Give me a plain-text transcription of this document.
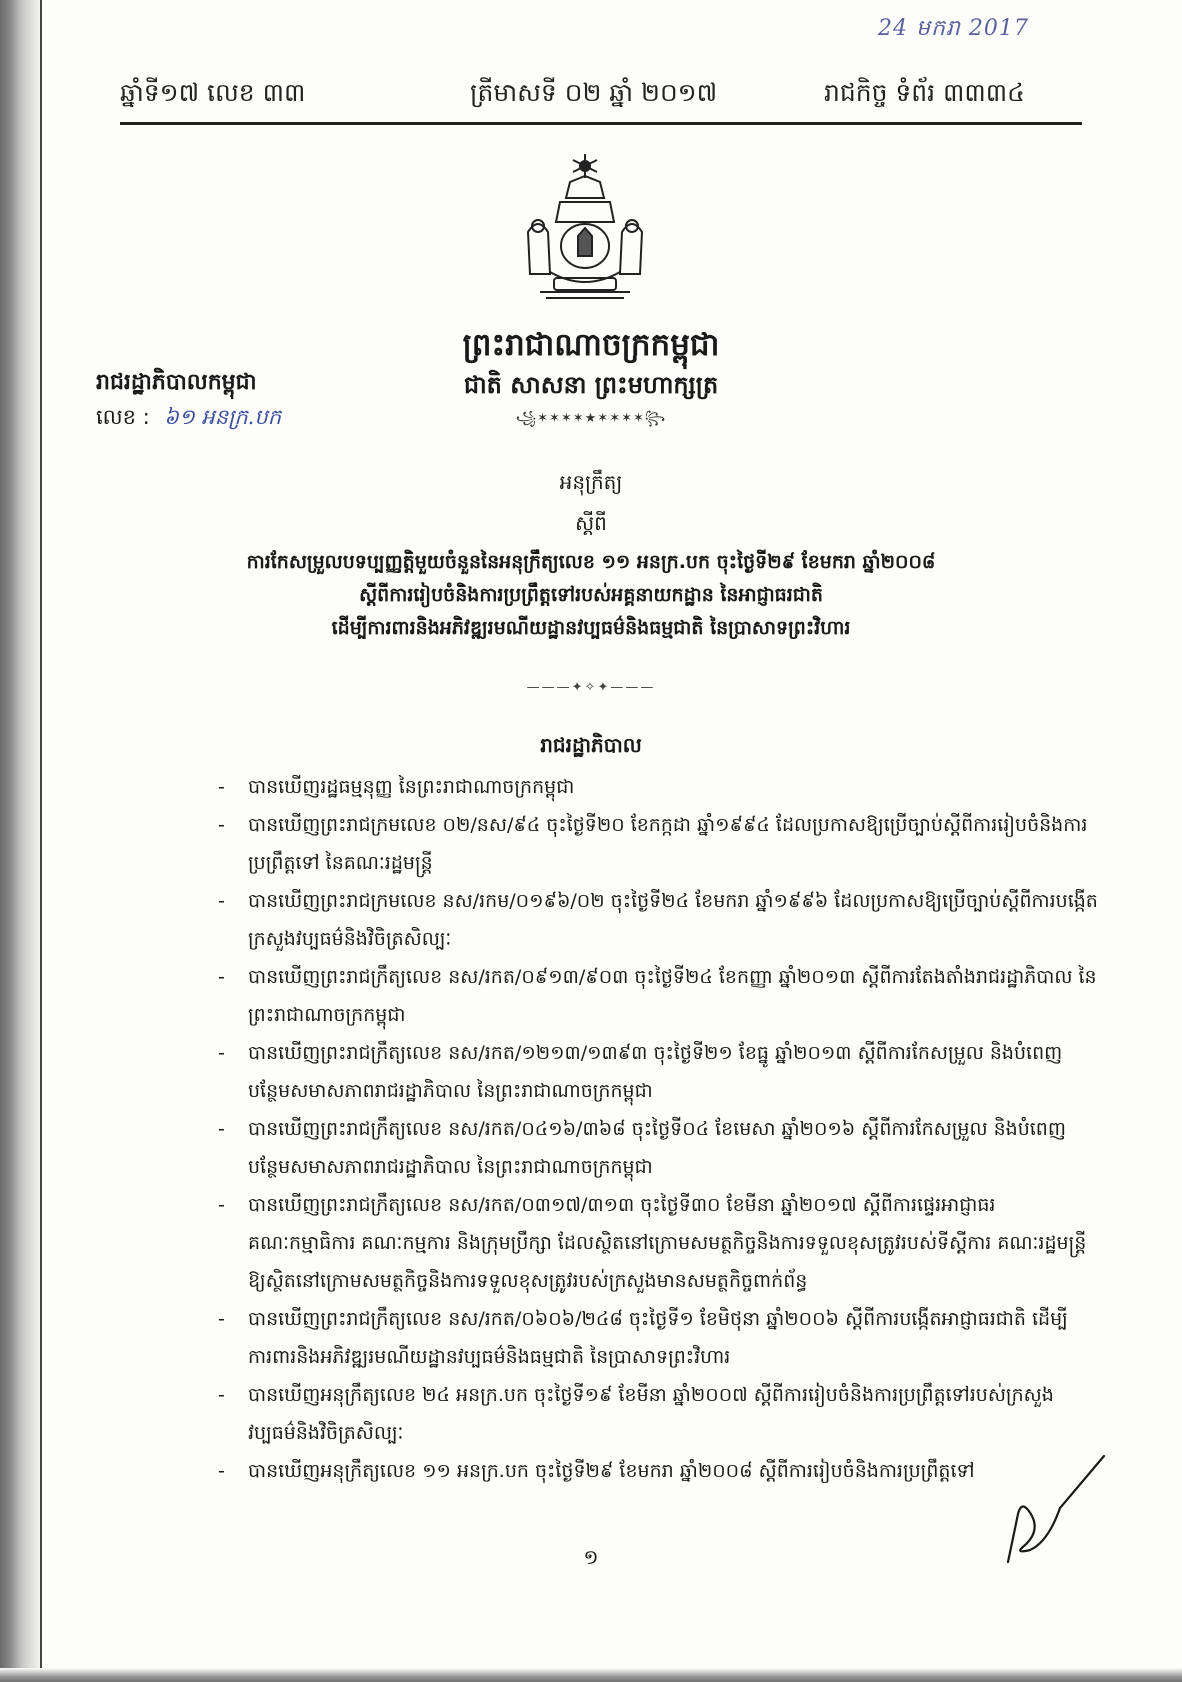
24 មករា 2017
ឆ្នាំទី១៧ លេខ ៣៣	ត្រីមាសទី ០២ ឆ្នាំ ២០១៧	រាជកិច្ច ទំព័រ ៣៣៣៤
ព្រះរាជាណាចក្រកម្ពុជា
ជាតិ សាសនា ព្រះមហាក្សត្រ
꧁✶✶✶✶★✶✶✶✶꧂
រាជរដ្ឋាភិបាលកម្ពុជា
លេខ : ៦១ អនក្រ.បក
អនុក្រឹត្យ
ស្តីពី
ការកែសម្រួលបទប្បញ្ញត្តិមួយចំនួននៃអនុក្រឹត្យលេខ ១១ អនក្រ.បក ចុះថ្ងៃទី២៩ ខែមករា ឆ្នាំ២០០៨
ស្តីពីការរៀបចំនិងការប្រព្រឹត្តទៅរបស់អគ្គនាយកដ្ឋាន នៃអាជ្ញាធរជាតិ
ដើម្បីការពារនិងអភិវឌ្ឍរមណីយដ្ឋានវប្បធម៌និងធម្មជាតិ នៃប្រាសាទព្រះវិហារ
———✦✧✦———
រាជរដ្ឋាភិបាល
- បានឃើញរដ្ឋធម្មនុញ្ញ នៃព្រះរាជាណាចក្រកម្ពុជា
- បានឃើញព្រះរាជក្រមលេខ ០២/នស/៩៤ ចុះថ្ងៃទី២០ ខែកក្កដា ឆ្នាំ១៩៩៤ ដែលប្រកាសឱ្យប្រើច្បាប់ស្តីពីការរៀបចំនិងការប្រព្រឹត្តទៅ នៃគណៈរដ្ឋមន្ត្រី
- បានឃើញព្រះរាជក្រមលេខ នស/រកម/០១៩៦/០២ ចុះថ្ងៃទី២៤ ខែមករា ឆ្នាំ១៩៩៦ ដែលប្រកាសឱ្យប្រើច្បាប់ស្តីពីការបង្កើតក្រសួងវប្បធម៌និងវិចិត្រសិល្បៈ
- បានឃើញព្រះរាជក្រឹត្យលេខ នស/រកត/០៩១៣/៩០៣ ចុះថ្ងៃទី២៤ ខែកញ្ញា ឆ្នាំ២០១៣ ស្តីពីការតែងតាំងរាជរដ្ឋាភិបាល នៃព្រះរាជាណាចក្រកម្ពុជា
- បានឃើញព្រះរាជក្រឹត្យលេខ នស/រកត/១២១៣/១៣៩៣ ចុះថ្ងៃទី២១ ខែធ្នូ ឆ្នាំ២០១៣ ស្តីពីការកែសម្រួល និងបំពេញបន្ថែមសមាសភាពរាជរដ្ឋាភិបាល នៃព្រះរាជាណាចក្រកម្ពុជា
- បានឃើញព្រះរាជក្រឹត្យលេខ នស/រកត/០៤១៦/៣៦៨ ចុះថ្ងៃទី០៤ ខែមេសា ឆ្នាំ២០១៦ ស្តីពីការកែសម្រួល និងបំពេញបន្ថែមសមាសភាពរាជរដ្ឋាភិបាល នៃព្រះរាជាណាចក្រកម្ពុជា
- បានឃើញព្រះរាជក្រឹត្យលេខ នស/រកត/០៣១៧/៣១៣ ចុះថ្ងៃទី៣០ ខែមីនា ឆ្នាំ២០១៧ ស្តីពីការផ្ទេរអាជ្ញាធរ គណៈកម្មាធិការ គណៈកម្មការ និងក្រុមប្រឹក្សា ដែលស្ថិតនៅក្រោមសមត្ថកិច្ចនិងការទទួលខុសត្រូវរបស់ទីស្តីការ គណៈរដ្ឋមន្ត្រី ឱ្យស្ថិតនៅក្រោមសមត្ថកិច្ចនិងការទទួលខុសត្រូវរបស់ក្រសួងមានសមត្ថកិច្ចពាក់ព័ន្ធ
- បានឃើញព្រះរាជក្រឹត្យលេខ នស/រកត/០៦០៦/២៤៨ ចុះថ្ងៃទី១ ខែមិថុនា ឆ្នាំ២០០៦ ស្តីពីការបង្កើតអាជ្ញាធរជាតិ ដើម្បីការពារនិងអភិវឌ្ឍរមណីយដ្ឋានវប្បធម៌និងធម្មជាតិ នៃប្រាសាទព្រះវិហារ
- បានឃើញអនុក្រឹត្យលេខ ២៤ អនក្រ.បក ចុះថ្ងៃទី១៩ ខែមីនា ឆ្នាំ២០០៧ ស្តីពីការរៀបចំនិងការប្រព្រឹត្តទៅរបស់ក្រសួងវប្បធម៌និងវិចិត្រសិល្បៈ
- បានឃើញអនុក្រឹត្យលេខ ១១ អនក្រ.បក ចុះថ្ងៃទី២៩ ខែមករា ឆ្នាំ២០០៨ ស្តីពីការរៀបចំនិងការប្រព្រឹត្តទៅ
១
